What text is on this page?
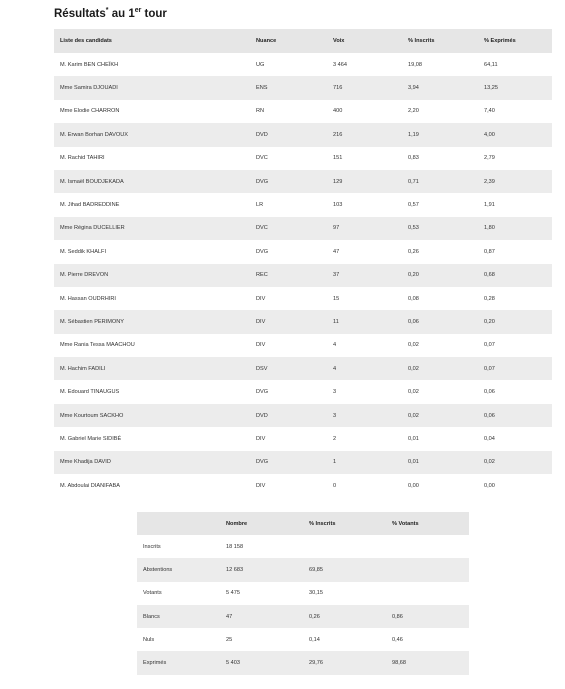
Résultats* au 1er tour
Liste des candidats	Nuance	Voix	% Inscrits	% Exprimés
M. Karim BEN CHEÏKH	UG	3 464	19,08	64,11
Mme Samira DJOUADI	ENS	716	3,94	13,25
Mme Elodie CHARRON	RN	400	2,20	7,40
M. Erwan Borhan DAVOUX	DVD	216	1,19	4,00
M. Rachid TAHIRI	DVC	151	0,83	2,79
M. Ismaël BOUDJEKADA	DVG	129	0,71	2,39
M. Jihad BADREDDINE	LR	103	0,57	1,91
Mme Régina DUCELLIER	DVC	97	0,53	1,80
M. Seddik KHALFI	DVG	47	0,26	0,87
M. Pierre DREVON	REC	37	0,20	0,68
M. Hassan OUDRHIRI	DIV	15	0,08	0,28
M. Sébastien PERIMONY	DIV	11	0,06	0,20
Mme Rania Tessa MAACHOU	DIV	4	0,02	0,07
M. Hachim FADILI	DSV	4	0,02	0,07
M. Edouard TINAUGUS	DVG	3	0,02	0,06
Mme Kourtoum SACKHO	DVD	3	0,02	0,06
M. Gabriel Marie SIDIBÉ	DIV	2	0,01	0,04
Mme Khadija DAVID	DVG	1	0,01	0,02
M. Abdoulai DIANIFABA	DIV	0	0,00	0,00
	Nombre	% Inscrits	% Votants
Inscrits	18 158		
Abstentions	12 683	69,85	
Votants	5 475	30,15	
Blancs	47	0,26	0,86
Nuls	25	0,14	0,46
Exprimés	5 403	29,76	98,68
